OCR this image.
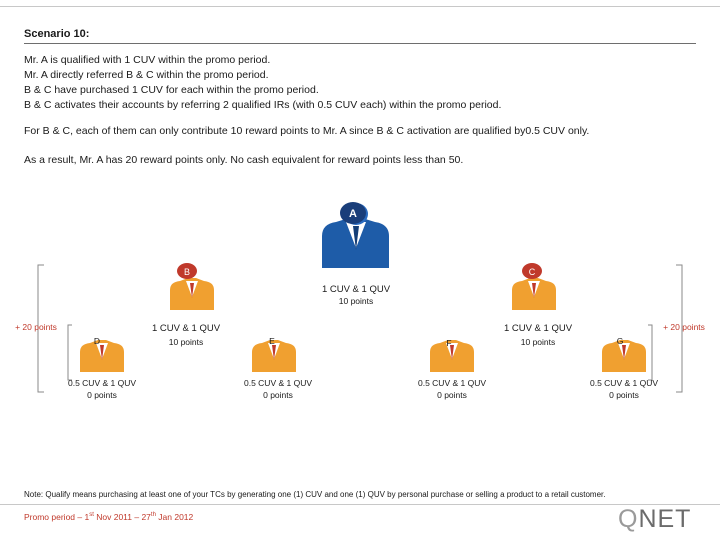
Scenario 10:
Mr. A is qualified with 1 CUV within the promo period.
Mr. A directly referred B & C within the promo period.
B & C have purchased 1 CUV for each within the promo period.
B & C activates their accounts by referring 2 qualified IRs (with 0.5 CUV each) within the promo period.
For B & C, each of them can only contribute 10 reward points to Mr. A since B & C activation are qualified by0.5 CUV only.
As a result, Mr. A has 20 reward points only. No cash equivalent for reward points less than 50.
A
B	C
D	E	F	G
1 CUV & 1 QUV
10 points
1 CUV & 1 QUV
10 points
1 CUV & 1 QUV
10 points
+ 20 points	+ 20 points
0.5 CUV & 1 QUV
0 points
0.5 CUV & 1 QUV
0 points
0.5 CUV & 1 QUV
0 points
0.5 CUV & 1 QUV
0 points
Note: Qualify means purchasing at least one of your TCs by generating one (1) CUV and one (1) QUV by personal purchase or selling a product to a retail customer.
Promo period – 1st Nov 2011 – 27th Jan 2012	QNET
